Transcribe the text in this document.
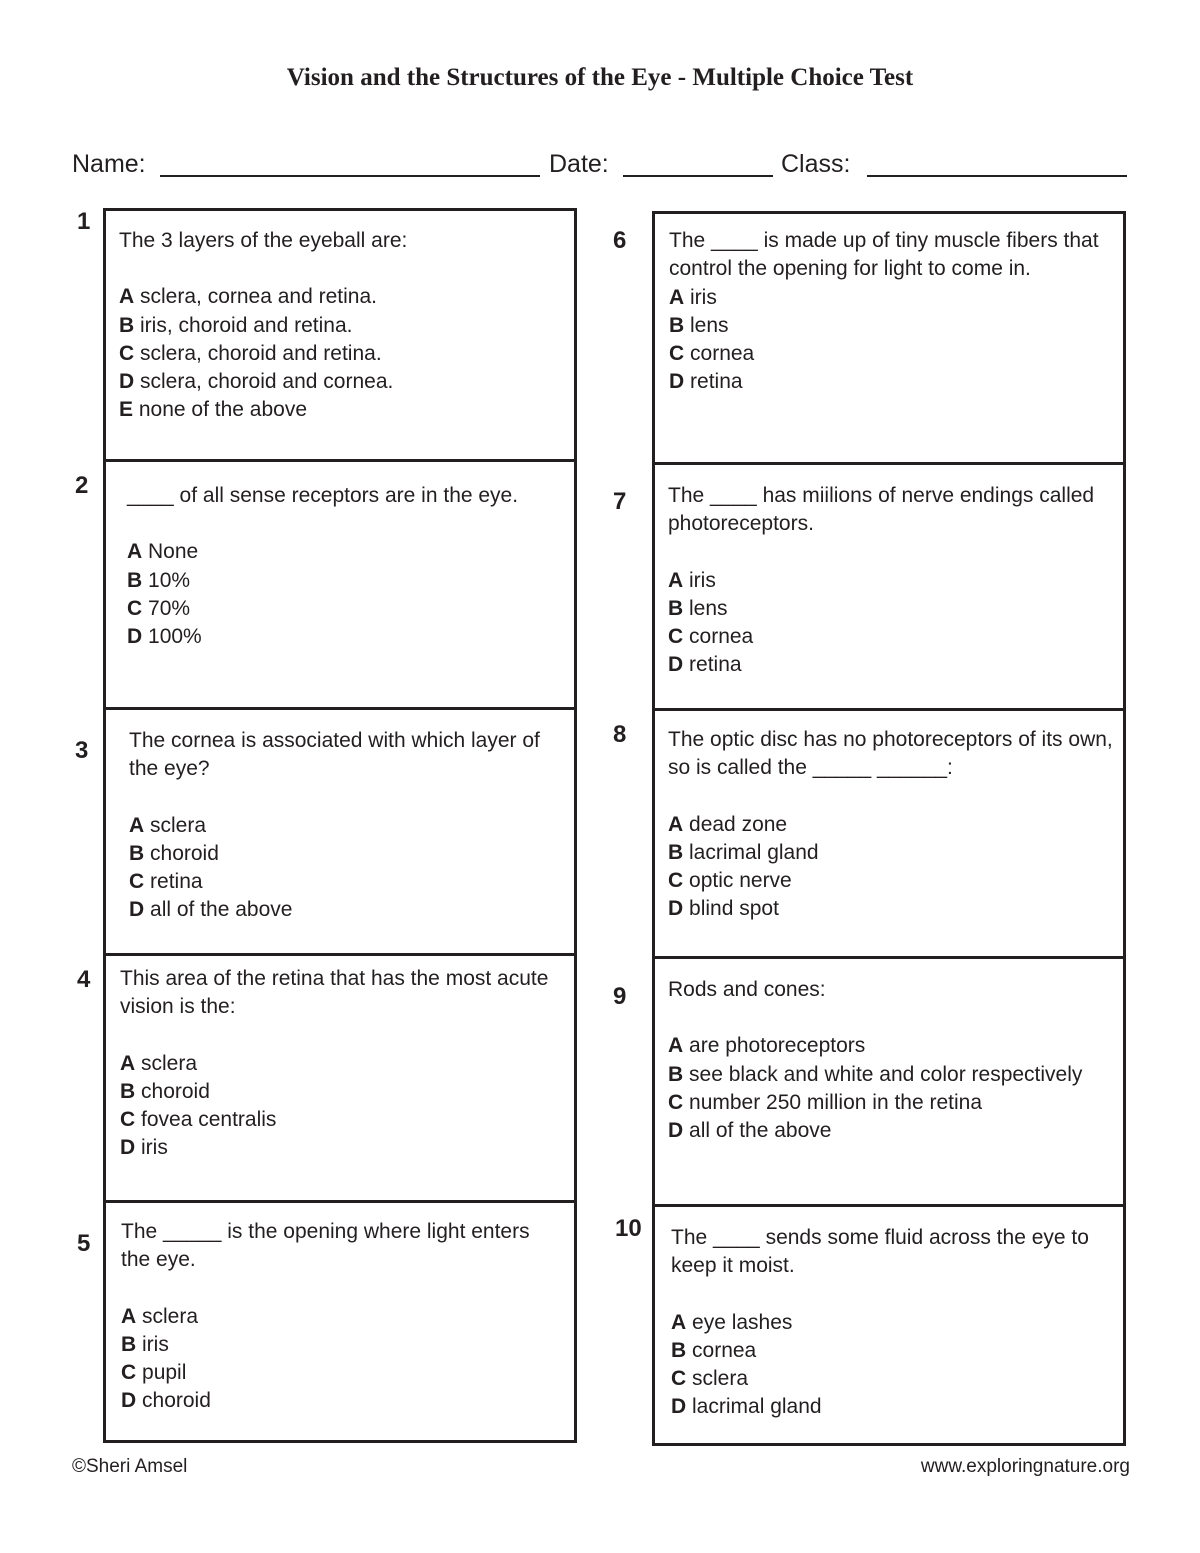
Vision and the Structures of the Eye - Multiple Choice Test
Name:	Date:	Class:
1
2
3
4
5
6
7
8
9
10

The 3 layers of the eyeball are:

A sclera, cornea and retina.
B iris, choroid and retina.
C sclera, choroid and retina.
D sclera, choroid and cornea.
E none of the above

____ of all sense receptors are in the eye.

A None
B 10%
C 70%
D 100%

The cornea is associated with which layer of the eye?

A sclera
B choroid
C retina
D all of the above

This area of the retina that has the most acute vision is the:

A sclera
B choroid
C fovea centralis
D iris

The _____ is the opening where light enters the eye.

A sclera
B iris
C pupil
D choroid

The ____ is made up of tiny muscle fibers that control the opening for light to come in.

A iris
B lens
C cornea
D retina

The ____ has miilions of nerve endings called photoreceptors.

A iris
B lens
C cornea
D retina

The optic disc has no photoreceptors of its own, so is called the _____ ______:

A dead zone
B lacrimal gland
C optic nerve
D blind spot

Rods and cones:

A are photoreceptors
B see black and white and color respectively
C number 250 million in the retina
D all of the above

The ____ sends some fluid across the eye to keep it moist.

A eye lashes
B cornea
C sclera
D lacrimal gland
©Sheri Amsel	www.exploringnature.org
